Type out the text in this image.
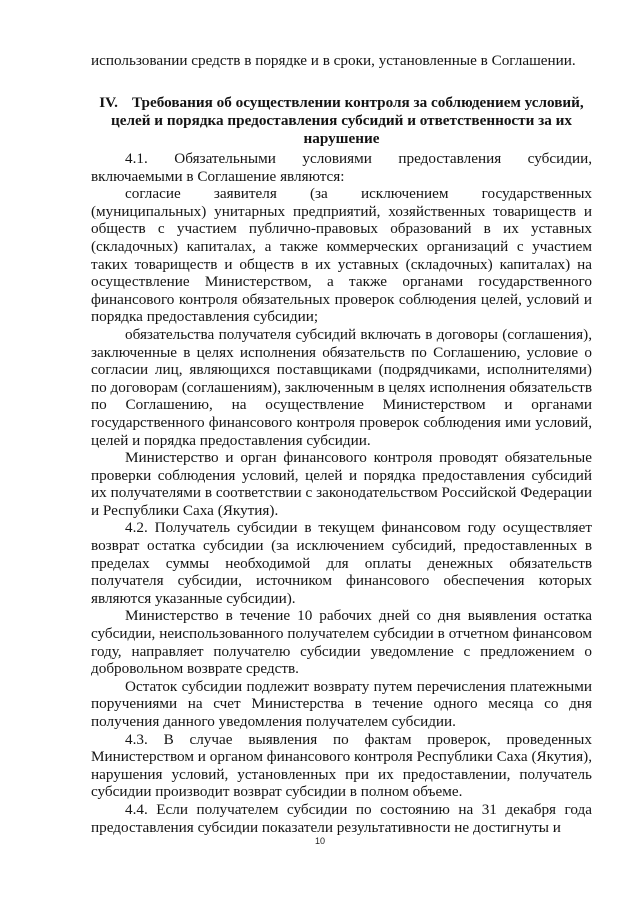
использовании средств в порядке и в сроки, установленные в Соглашении.
IV. Требования об осуществлении контроля за соблюдением условий, целей и порядка предоставления субсидий и ответственности за их нарушение

4.1. Обязательными условиями предоставления субсидии, включаемыми в Соглашение являются:

согласие заявителя (за исключением государственных (муниципальных) унитарных предприятий, хозяйственных товариществ и обществ с участием публично-правовых образований в их уставных (складочных) капиталах, а также коммерческих организаций с участием таких товариществ и обществ в их уставных (складочных) капиталах) на осуществление Министерством, а также органами государственного финансового контроля обязательных проверок соблюдения целей, условий и порядка предоставления субсидии;

обязательства получателя субсидий включать в договоры (соглашения), заключенные в целях исполнения обязательств по Соглашению, условие о согласии лиц, являющихся поставщиками (подрядчиками, исполнителями) по договорам (соглашениям), заключенным в целях исполнения обязательств по Соглашению, на осуществление Министерством и органами государственного финансового контроля проверок соблюдения ими условий, целей и порядка предоставления субсидии.

Министерство и орган финансового контроля проводят обязательные проверки соблюдения условий, целей и порядка предоставления субсидий их получателями в соответствии с законодательством Российской Федерации и Республики Саха (Якутия).

4.2. Получатель субсидии в текущем финансовом году осуществляет возврат остатка субсидии (за исключением субсидий, предоставленных в пределах суммы необходимой для оплаты денежных обязательств получателя субсидии, источником финансового обеспечения которых являются указанные субсидии).

Министерство в течение 10 рабочих дней со дня выявления остатка субсидии, неиспользованного получателем субсидии в отчетном финансовом году, направляет получателю субсидии уведомление с предложением о добровольном возврате средств.

Остаток субсидии подлежит возврату путем перечисления платежными поручениями на счет Министерства в течение одного месяца со дня получения данного уведомления получателем субсидии.

4.3. В случае выявления по фактам проверок, проведенных Министерством и органом финансового контроля Республики Саха (Якутия), нарушения условий, установленных при их предоставлении, получатель субсидии производит возврат субсидии в полном объеме.

4.4. Если получателем субсидии по состоянию на 31 декабря года предоставления субсидии показатели результативности не достигнуты и

10
